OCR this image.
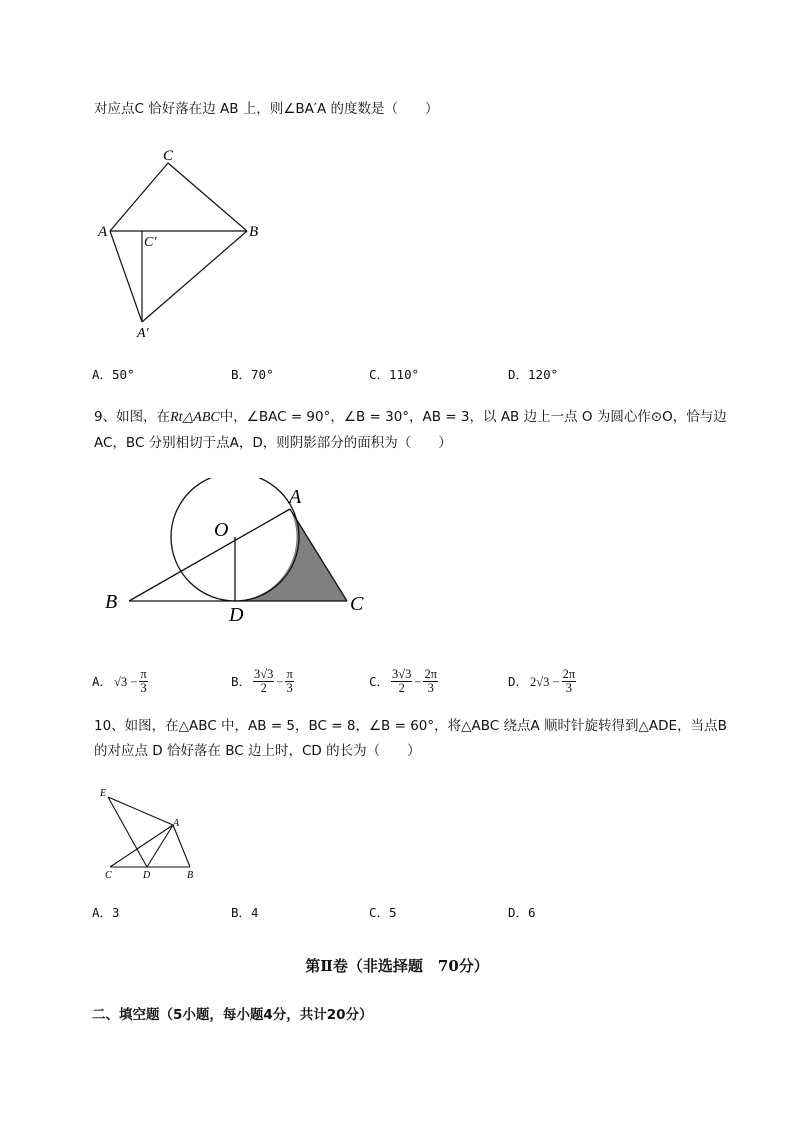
对应点C 恰好落在边 AB 上，则∠BA′A 的度数是（　　）
C
A	B
C′
A′
A．50°	B．70°	C．110°	D．120°
9、如图，在Rt△ABC中，∠BAC = 90°，∠B = 30°，AB = 3，以 AB 边上一点 O 为圆心作⊙O，恰与边
AC，BC 分别相切于点A，D，则阴影部分的面积为（　　）
A
O
B
D	C
A． $√3 - \frac{\pi}{3}$	B． $\frac{3√3}{2} - \frac{\pi}{3}$	C． $\frac{3√3}{2} - \frac{2\pi}{3}$	D． $2√3 - \frac{2\pi}{3}$
10、如图，在△ABC 中，AB = 5，BC = 8，∠B = 60°，将△ABC 绕点A 顺时针旋转得到△ADE，当点B
的对应点 D 恰好落在 BC 边上时，CD 的长为（　　）
E
A
C	D	B
A．3	B．4	C．5	D．6
第Ⅱ卷（非选择题　70分）
二、填空题（5小题，每小题4分，共计20分）
